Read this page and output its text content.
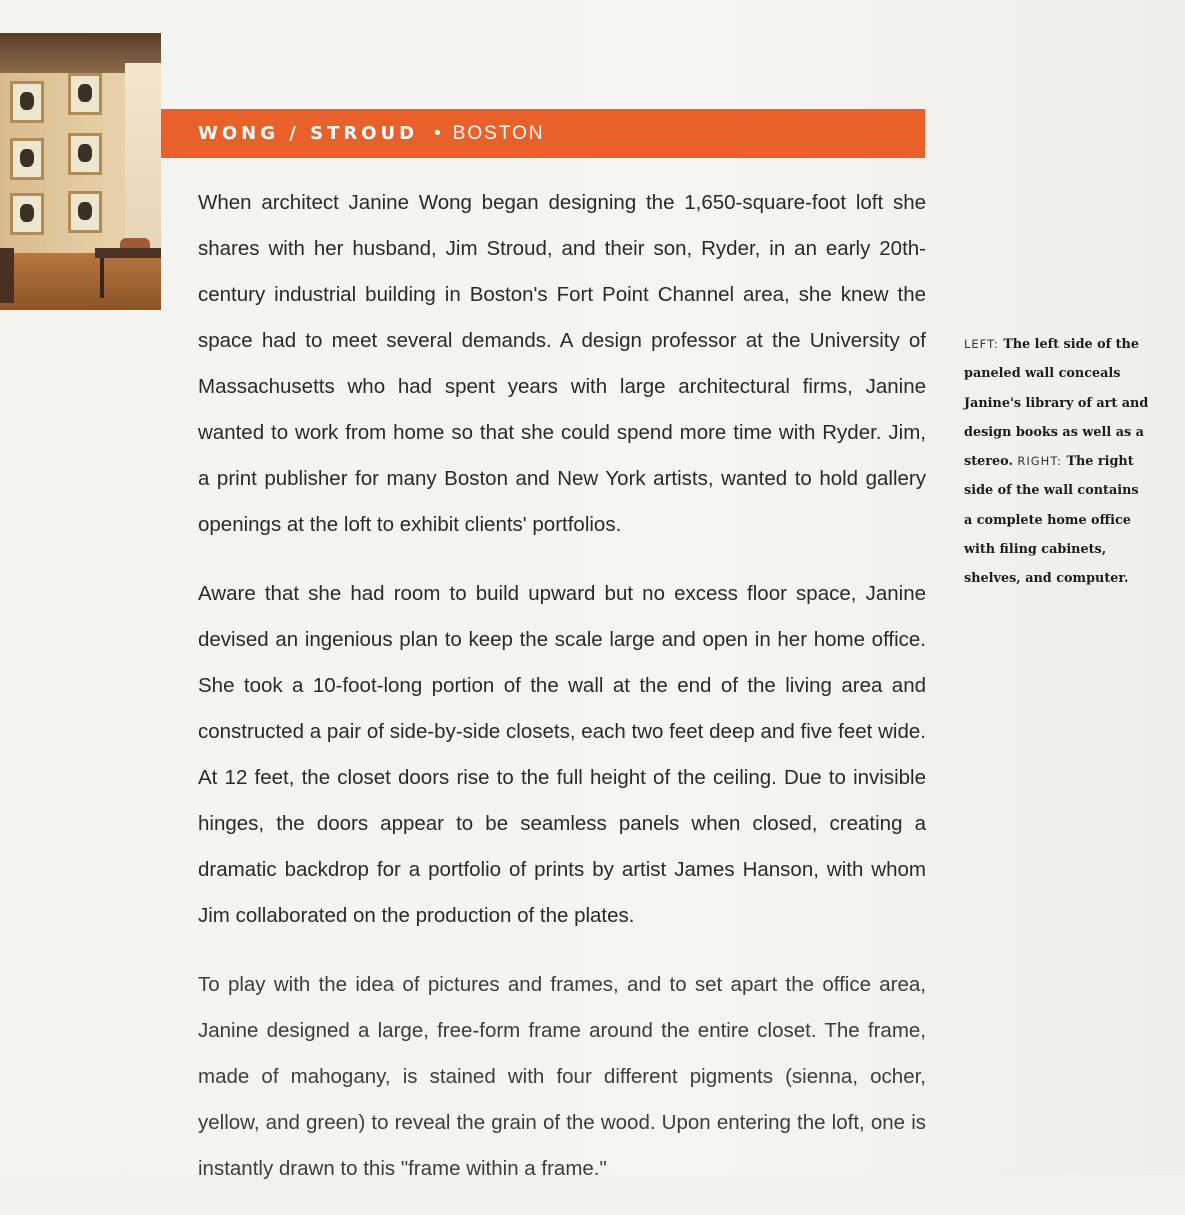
WONG / STROUD • BOSTON

When architect Janine Wong began designing the 1,650-square-foot loft she shares with her husband, Jim Stroud, and their son, Ryder, in an early 20th-century industrial building in Boston's Fort Point Channel area, she knew the space had to meet several demands. A design professor at the University of Massachusetts who had spent years with large architectural firms, Janine wanted to work from home so that she could spend more time with Ryder. Jim, a print publisher for many Boston and New York artists, wanted to hold gallery openings at the loft to exhibit clients' portfolios.

Aware that she had room to build upward but no excess floor space, Janine devised an ingenious plan to keep the scale large and open in her home office. She took a 10-foot-long portion of the wall at the end of the living area and constructed a pair of side-by-side closets, each two feet deep and five feet wide. At 12 feet, the closet doors rise to the full height of the ceiling. Due to invisible hinges, the doors appear to be seamless panels when closed, creating a dramatic backdrop for a portfolio of prints by artist James Hanson, with whom Jim collaborated on the production of the plates.

To play with the idea of pictures and frames, and to set apart the office area, Janine designed a large, free-form frame around the entire closet. The frame, made of mahogany, is stained with four different pigments (sienna, ocher, yellow, and green) to reveal the grain of the wood. Upon entering the loft, one is instantly drawn to this "frame within a frame."

LEFT: The left side of the paneled wall conceals Janine's library of art and design books as well as a stereo. RIGHT: The right side of the wall contains a complete home office with filing cabinets, shelves, and computer.
